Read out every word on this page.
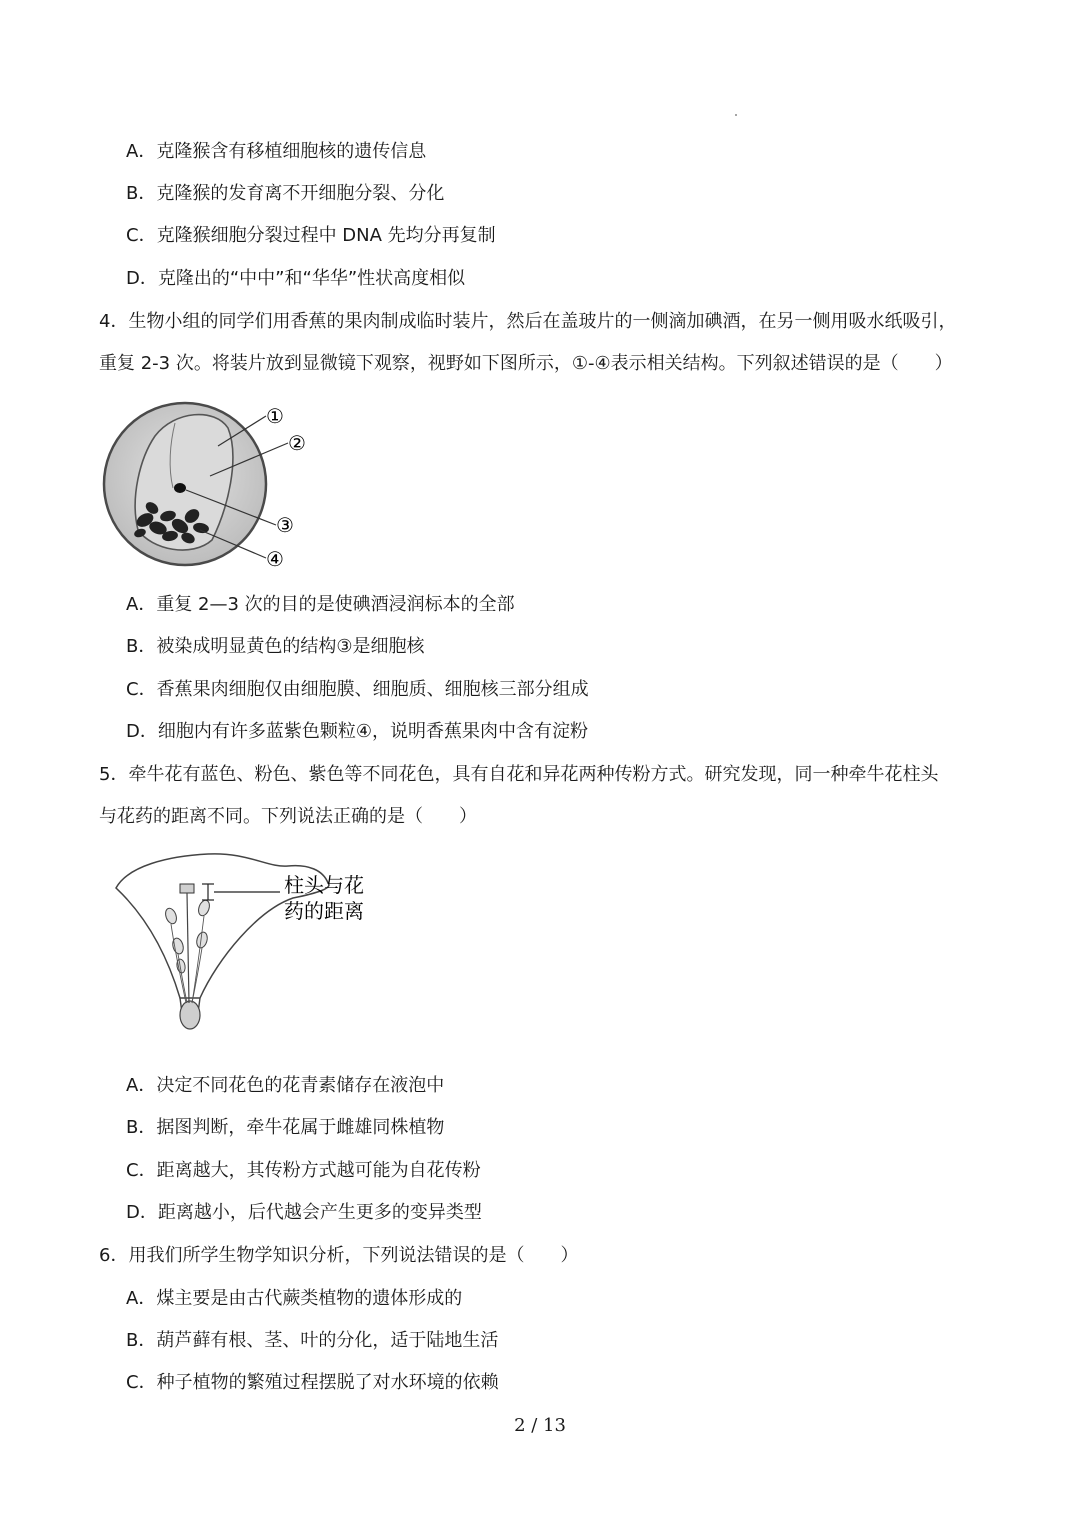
A．克隆猴含有移植细胞核的遗传信息
B．克隆猴的发育离不开细胞分裂、分化
C．克隆猴细胞分裂过程中 DNA 先均分再复制
D．克隆出的“中中”和“华华”性状高度相似
4．生物小组的同学们用香蕉的果肉制成临时装片，然后在盖玻片的一侧滴加碘酒，在另一侧用吸水纸吸引，
重复 2-3 次。将装片放到显微镜下观察，视野如下图所示，①-④表示相关结构。下列叙述错误的是（　　）
①
②
③
④
A．重复 2—3 次的目的是使碘酒浸润标本的全部
B．被染成明显黄色的结构③是细胞核
C．香蕉果肉细胞仅由细胞膜、细胞质、细胞核三部分组成
D．细胞内有许多蓝紫色颗粒④，说明香蕉果肉中含有淀粉
5．牵牛花有蓝色、粉色、紫色等不同花色，具有自花和异花两种传粉方式。研究发现，同一种牵牛花柱头
与花药的距离不同。下列说法正确的是（　　）
柱头与花
药的距离
A．决定不同花色的花青素储存在液泡中
B．据图判断，牵牛花属于雌雄同株植物
C．距离越大，其传粉方式越可能为自花传粉
D．距离越小，后代越会产生更多的变异类型
6．用我们所学生物学知识分析，下列说法错误的是（　　）
A．煤主要是由古代蕨类植物的遗体形成的
B．葫芦藓有根、茎、叶的分化，适于陆地生活
C．种子植物的繁殖过程摆脱了对水环境的依赖
2 / 13
